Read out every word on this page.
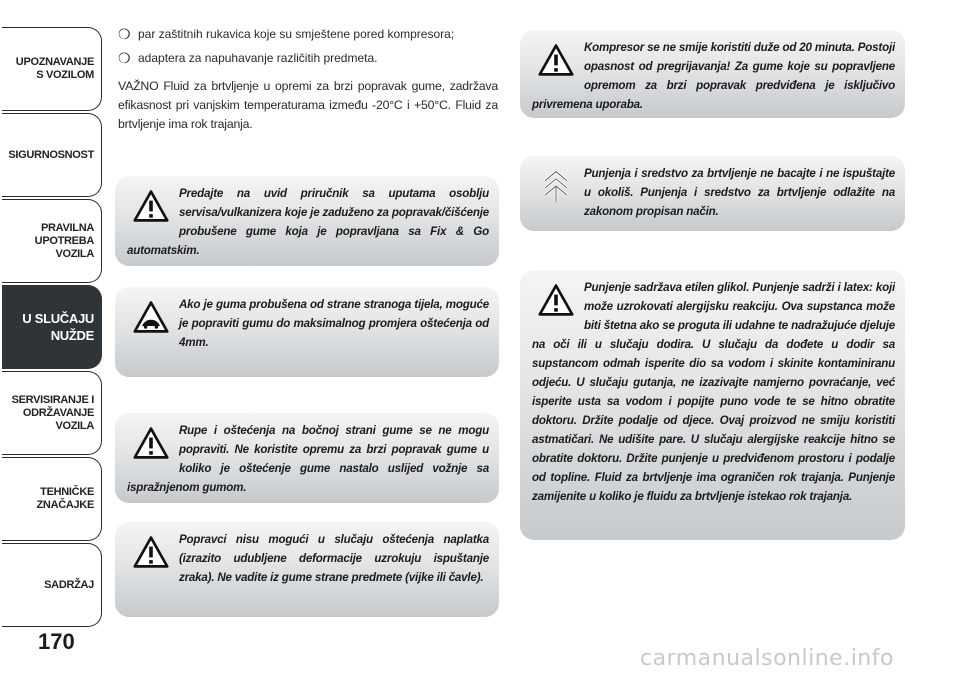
UPOZNAVANJE
S VOZILOM
SIGURNOSNOST
PRAVILNA
UPOTREBA
VOZILA
U SLUČAJU
NUŽDE
SERVISIRANJE I
ODRŽAVANJE
VOZILA
TEHNIČKE
ZNAČAJKE
SADRŽAJ
170
❍ par zaštitnih rukavica koje su smještene pored kompresora;
❍ adaptera za napuhavanje različitih predmeta.

VAŽNO Fluid za brtvljenje u opremi za brzi popravak gume, zadržava efikasnost pri vanjskim temperaturama između -20°C i +50°C. Fluid za brtvljenje ima rok trajanja.

Predajte na uvid priručnik sa uputama osoblju servisa/vulkanizera koje je zaduženo za popravak/čišćenje probušene gume koja je popravljana sa Fix & Go automatskim.

Ako je guma probušena od strane stranoga tijela, moguće je popraviti gumu do maksimalnog promjera oštećenja od 4mm.

Rupe i oštećenja na bočnoj strani gume se ne mogu popraviti. Ne koristite opremu za brzi popravak gume u koliko je oštećenje gume nastalo uslijed vožnje sa ispražnjenom gumom.

Popravci nisu mogući u slučaju oštećenja naplatka (izrazito udubljene deformacije uzrokuju ispuštanje zraka). Ne vadite iz gume strane predmete (vijke ili čavle).

Kompresor se ne smije koristiti duže od 20 minuta. Postoji opasnost od pregrijavanja! Za gume koje su popravljene opremom za brzi popravak predviđena je isključivo privremena uporaba.

Punjenja i sredstvo za brtvljenje ne bacajte i ne ispuštajte u okoliš. Punjenja i sredstvo za brtvljenje odlažite na zakonom propisan način.

Punjenje sadržava etilen glikol. Punjenje sadrži i latex: koji može uzrokovati alergijsku reakciju. Ova supstanca može biti štetna ako se proguta ili udahne te nadražujuće djeluje na oči ili u slučaju dodira. U slučaju da dođete u dodir sa supstancom odmah isperite dio sa vodom i skinite kontaminiranu odjeću. U slučaju gutanja, ne izazivajte namjerno povraćanje, već isperite usta sa vodom i popijte puno vode te se hitno obratite doktoru. Držite podalje od djece. Ovaj proizvod ne smiju koristiti astmatičari. Ne udišite pare. U slučaju alergijske reakcije hitno se obratite doktoru. Držite punjenje u predviđenom prostoru i podalje od topline. Fluid za brtvljenje ima ograničen rok trajanja. Punjenje zamijenite u koliko je fluidu za brtvljenje istekao rok trajanja.

carmanualsonline.info
